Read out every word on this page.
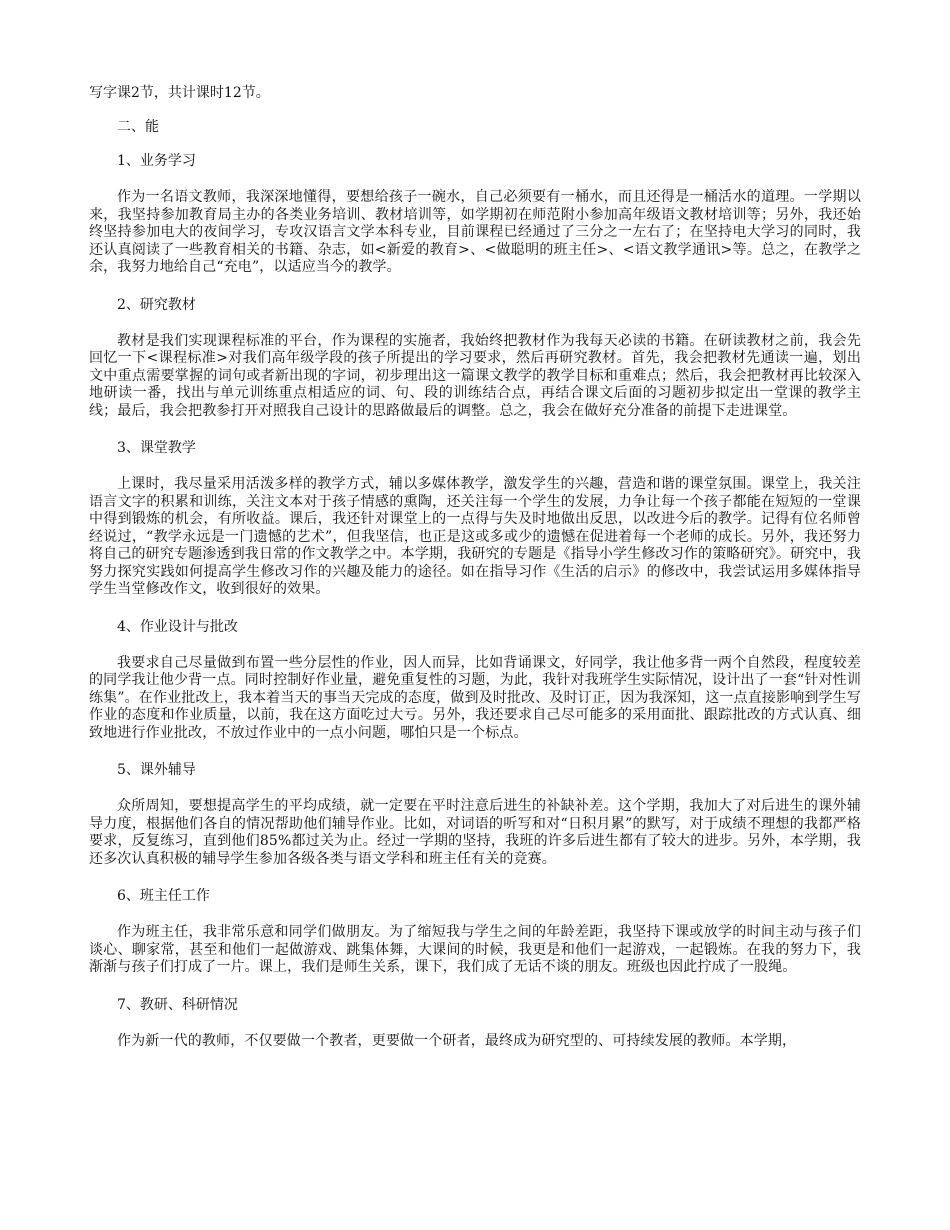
写字课2节，共计课时12节。

二、能

1、业务学习

作为一名语文教师，我深深地懂得，要想给孩子一碗水，自己必须要有一桶水，而且还得是一桶活水的道理。一学期以来，我坚持参加教育局主办的各类业务培训、教材培训等，如学期初在师范附小参加高年级语文教材培训等；另外，我还始终坚持参加电大的夜间学习，专攻汉语言文学本科专业，目前课程已经通过了三分之一左右了；在坚持电大学习的同时，我还认真阅读了一些教育相关的书籍、杂志，如<新爱的教育>、<做聪明的班主任>、<语文教学通讯>等。总之，在教学之余，我努力地给自己“充电”，以适应当今的教学。

2、研究教材

教材是我们实现课程标准的平台，作为课程的实施者，我始终把教材作为我每天必读的书籍。在研读教材之前，我会先回忆一下<课程标准>对我们高年级学段的孩子所提出的学习要求，然后再研究教材。首先，我会把教材先通读一遍，划出文中重点需要掌握的词句或者新出现的字词，初步理出这一篇课文教学的教学目标和重难点；然后，我会把教材再比较深入地研读一番，找出与单元训练重点相适应的词、句、段的训练结合点，再结合课文后面的习题初步拟定出一堂课的教学主线；最后，我会把教参打开对照我自己设计的思路做最后的调整。总之，我会在做好充分准备的前提下走进课堂。

3、课堂教学

上课时，我尽量采用活泼多样的教学方式，辅以多媒体教学，激发学生的兴趣，营造和谐的课堂氛围。课堂上，我关注语言文字的积累和训练，关注文本对于孩子情感的熏陶，还关注每一个学生的发展，力争让每一个孩子都能在短短的一堂课中得到锻炼的机会，有所收益。课后，我还针对课堂上的一点得与失及时地做出反思，以改进今后的教学。记得有位名师曾经说过，“教学永远是一门遗憾的艺术”，但我坚信，也正是这或多或少的遗憾在促进着每一个老师的成长。另外，我还努力将自己的研究专题渗透到我日常的作文教学之中。本学期，我研究的专题是《指导小学生修改习作的策略研究》。研究中，我努力探究实践如何提高学生修改习作的兴趣及能力的途径。如在指导习作《生活的启示》的修改中，我尝试运用多媒体指导学生当堂修改作文，收到很好的效果。

4、作业设计与批改

我要求自己尽量做到布置一些分层性的作业，因人而异，比如背诵课文，好同学，我让他多背一两个自然段，程度较差的同学我让他少背一点。同时控制好作业量，避免重复性的习题，为此，我针对我班学生实际情况，设计出了一套“针对性训练集”。在作业批改上，我本着当天的事当天完成的态度，做到及时批改、及时订正，因为我深知，这一点直接影响到学生写作业的态度和作业质量，以前，我在这方面吃过大亏。另外，我还要求自己尽可能多的采用面批、跟踪批改的方式认真、细致地进行作业批改，不放过作业中的一点小问题，哪怕只是一个标点。

5、课外辅导

众所周知，要想提高学生的平均成绩，就一定要在平时注意后进生的补缺补差。这个学期，我加大了对后进生的课外辅导力度，根据他们各自的情况帮助他们辅导作业。比如，对词语的听写和对“日积月累”的默写，对于成绩不理想的我都严格要求，反复练习，直到他们85%都过关为止。经过一学期的坚持，我班的许多后进生都有了较大的进步。另外，本学期，我还多次认真积极的辅导学生参加各级各类与语文学科和班主任有关的竞赛。

6、班主任工作

作为班主任，我非常乐意和同学们做朋友。为了缩短我与学生之间的年龄差距，我坚持下课或放学的时间主动与孩子们谈心、聊家常，甚至和他们一起做游戏、跳集体舞，大课间的时候，我更是和他们一起游戏，一起锻炼。在我的努力下，我渐渐与孩子们打成了一片。课上，我们是师生关系，课下，我们成了无话不谈的朋友。班级也因此拧成了一股绳。

7、教研、科研情况

作为新一代的教师，不仅要做一个教者，更要做一个研者，最终成为研究型的、可持续发展的教师。本学期，
